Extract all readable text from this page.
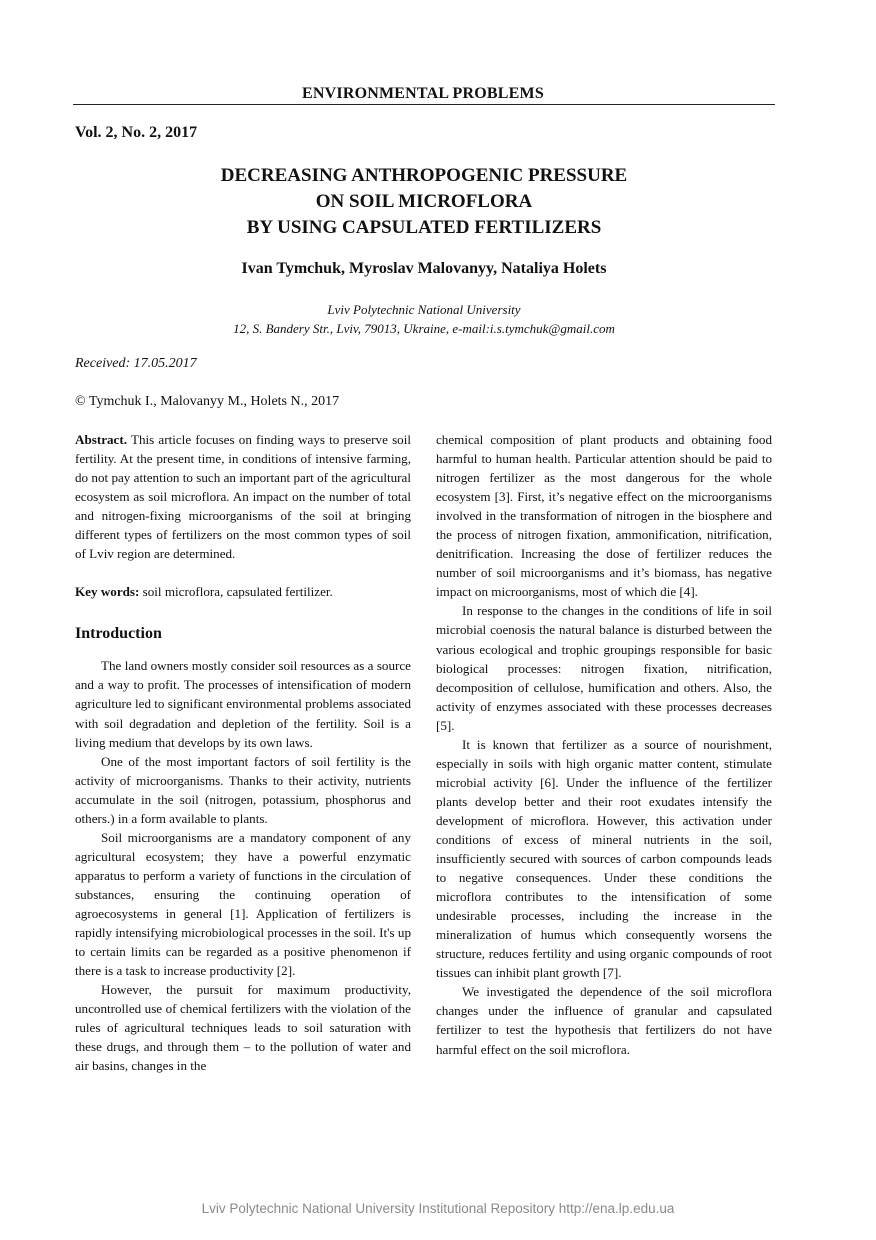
ENVIRONMENTAL PROBLEMS
Vol. 2, No. 2, 2017
DECREASING ANTHROPOGENIC PRESSURE
ON SOIL MICROFLORA
BY USING CAPSULATED FERTILIZERS
Ivan Tymchuk, Myroslav Malovanyy, Nataliya Holets
Lviv Polytechnic National University
12, S. Bandery Str., Lviv, 79013, Ukraine, e-mail:i.s.tymchuk@gmail.com
Received: 17.05.2017
© Tymchuk I., Malovanyy M., Holets N., 2017

Abstract. This article focuses on finding ways to preserve soil fertility. At the present time, in conditions of intensive farming, do not pay attention to such an important part of the agricultural ecosystem as soil microflora. An impact on the number of total and nitrogen-fixing microorganisms of the soil at bringing different types of fertilizers on the most common types of soil of Lviv region are determined.

Key words: soil microflora, capsulated fertilizer.

Introduction

The land owners mostly consider soil resources as a source and a way to profit. The processes of intensification of modern agriculture led to significant environmental problems associated with soil degradation and depletion of the fertility. Soil is a living medium that develops by its own laws.

One of the most important factors of soil fertility is the activity of microorganisms. Thanks to their activity, nutrients accumulate in the soil (nitrogen, potassium, phosphorus and others.) in a form available to plants.

Soil microorganisms are a mandatory component of any agricultural ecosystem; they have a powerful enzymatic apparatus to perform a variety of functions in the circulation of substances, ensuring the continuing operation of agroecosystems in general [1]. Application of fertilizers is rapidly intensifying microbiological processes in the soil. It's up to certain limits can be regarded as a positive phenomenon if there is a task to increase productivity [2].

However, the pursuit for maximum productivity, uncontrolled use of chemical fertilizers with the violation of the rules of agricultural techniques leads to soil saturation with these drugs, and through them – to the pollution of water and air basins, changes in the

chemical composition of plant products and obtaining food harmful to human health. Particular attention should be paid to nitrogen fertilizer as the most dangerous for the whole ecosystem [3]. First, it’s negative effect on the microorganisms involved in the transformation of nitrogen in the biosphere and the process of nitrogen fixation, ammonification, nitrification, denitrification. Increasing the dose of fertilizer reduces the number of soil microorganisms and it’s biomass, has negative impact on microorganisms, most of which die [4].

In response to the changes in the conditions of life in soil microbial coenosis the natural balance is disturbed between the various ecological and trophic groupings responsible for basic biological processes: nitrogen fixation, nitrification, decomposition of cellulose, humification and others. Also, the activity of enzymes associated with these processes decreases [5].

It is known that fertilizer as a source of nourishment, especially in soils with high organic matter content, stimulate microbial activity [6]. Under the influence of the fertilizer plants develop better and their root exudates intensify the development of microflora. However, this activation under conditions of excess of mineral nutrients in the soil, insufficiently secured with sources of carbon compounds leads to negative consequences. Under these conditions the microflora contributes to the intensification of some undesirable processes, including the increase in the mineralization of humus which consequently worsens the structure, reduces fertility and using organic compounds of root tissues can inhibit plant growth [7].

We investigated the dependence of the soil microflora changes under the influence of granular and capsulated fertilizer to test the hypothesis that fertilizers do not have harmful effect on the soil microflora.

Lviv Polytechnic National University Institutional Repository http://ena.lp.edu.ua
